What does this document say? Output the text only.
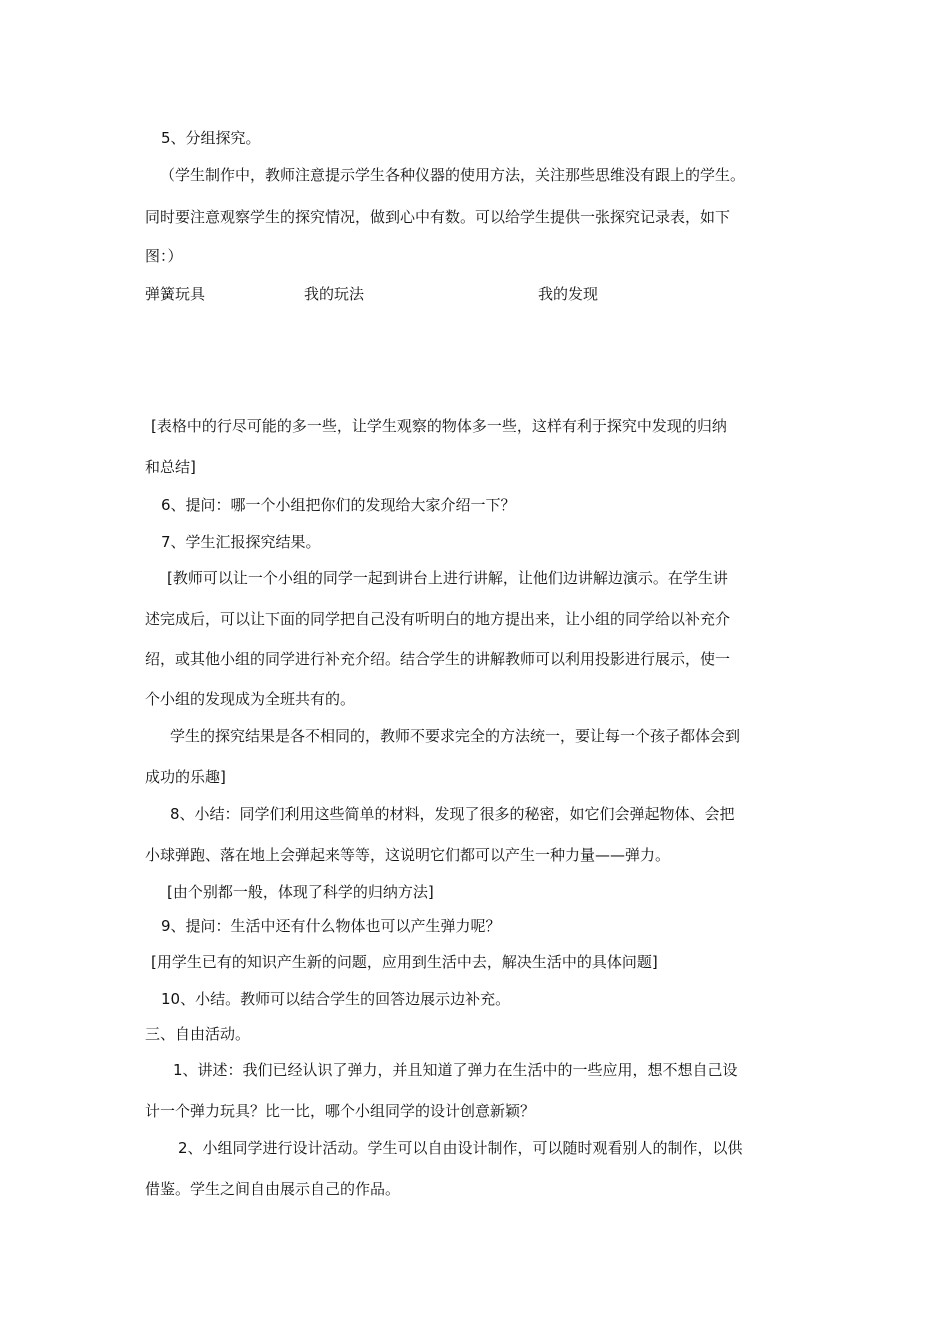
5、分组探究。
（学生制作中，教师注意提示学生各种仪器的使用方法，关注那些思维没有跟上的学生。
同时要注意观察学生的探究情况，做到心中有数。可以给学生提供一张探究记录表，如下
图：）
弹簧玩具	我的玩法	我的发现
[表格中的行尽可能的多一些，让学生观察的物体多一些，这样有利于探究中发现的归纳
和总结]
6、提问：哪一个小组把你们的发现给大家介绍一下？
7、学生汇报探究结果。
[教师可以让一个小组的同学一起到讲台上进行讲解，让他们边讲解边演示。在学生讲
述完成后，可以让下面的同学把自己没有听明白的地方提出来，让小组的同学给以补充介
绍，或其他小组的同学进行补充介绍。结合学生的讲解教师可以利用投影进行展示，使一
个小组的发现成为全班共有的。
学生的探究结果是各不相同的，教师不要求完全的方法统一，要让每一个孩子都体会到
成功的乐趣]
8、小结：同学们利用这些简单的材料，发现了很多的秘密，如它们会弹起物体、会把
小球弹跑、落在地上会弹起来等等，这说明它们都可以产生一种力量——弹力。
[由个别都一般，体现了科学的归纳方法]
9、提问：生活中还有什么物体也可以产生弹力呢？
[用学生已有的知识产生新的问题，应用到生活中去，解决生活中的具体问题]
10、小结。教师可以结合学生的回答边展示边补充。
三、自由活动。
1、讲述：我们已经认识了弹力，并且知道了弹力在生活中的一些应用，想不想自己设
计一个弹力玩具？比一比，哪个小组同学的设计创意新颖？
2、小组同学进行设计活动。学生可以自由设计制作，可以随时观看别人的制作，以供
借鉴。学生之间自由展示自己的作品。
